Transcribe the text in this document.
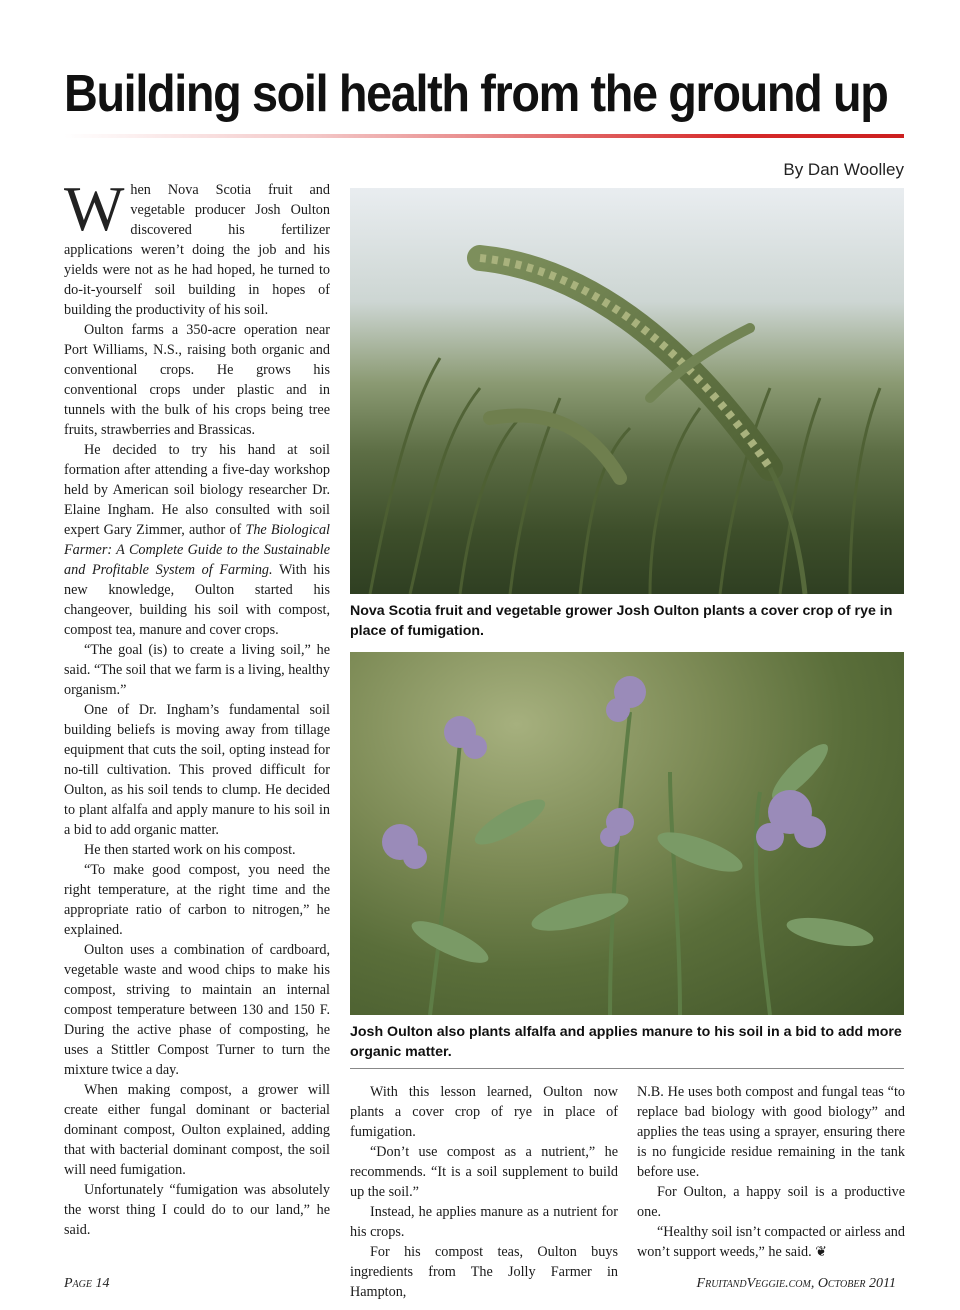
Building soil health from the ground up
By Dan Woolley

When Nova Scotia fruit and vegetable producer Josh Oulton discovered his fertilizer applications weren’t doing the job and his yields were not as he had hoped, he turned to do-it-yourself soil building in hopes of building the productivity of his soil.

Oulton farms a 350-acre operation near Port Williams, N.S., raising both organic and conventional crops. He grows his conventional crops under plastic and in tunnels with the bulk of his crops being tree fruits, strawberries and Brassicas.

He decided to try his hand at soil formation after attending a five-day workshop held by American soil biology researcher Dr. Elaine Ingham. He also consulted with soil expert Gary Zimmer, author of The Biological Farmer: A Complete Guide to the Sustainable and Profitable System of Farming. With his new knowledge, Oulton started his changeover, building his soil with compost, compost tea, manure and cover crops.

“The goal (is) to create a living soil,” he said. “The soil that we farm is a living, healthy organism.”

One of Dr. Ingham’s fundamental soil building beliefs is moving away from tillage equipment that cuts the soil, opting instead for no-till cultivation. This proved difficult for Oulton, as his soil tends to clump. He decided to plant alfalfa and apply manure to his soil in a bid to add organic matter.

He then started work on his compost.

“To make good compost, you need the right temperature, at the right time and the appropriate ratio of carbon to nitrogen,” he explained.

Oulton uses a combination of cardboard, vegetable waste and wood chips to make his compost, striving to maintain an internal compost temperature between 130 and 150 F. During the active phase of composting, he uses a Stittler Compost Turner to turn the mixture twice a day.

When making compost, a grower will create either fungal dominant or bacterial dominant compost, Oulton explained, adding that with bacterial dominant compost, the soil will need fumigation.

Unfortunately “fumigation was absolutely the worst thing I could do to our land,” he said.

Nova Scotia fruit and vegetable grower Josh Oulton plants a cover crop of rye in place of fumigation.
Josh Oulton also plants alfalfa and applies manure to his soil in a bid to add more organic matter.

With this lesson learned, Oulton now plants a cover crop of rye in place of fumigation.

“Don’t use compost as a nutrient,” he recommends. “It is a soil supplement to build up the soil.”

Instead, he applies manure as a nutrient for his crops.

For his compost teas, Oulton buys ingredients from The Jolly Farmer in Hampton,

N.B. He uses both compost and fungal teas “to replace bad biology with good biology” and applies the teas using a sprayer, ensuring there is no fungicide residue remaining in the tank before use.

For Oulton, a happy soil is a productive one.

“Healthy soil isn’t compacted or airless and won’t support weeds,” he said. ❦

Page 14	FruitandVeggie.com, October 2011
